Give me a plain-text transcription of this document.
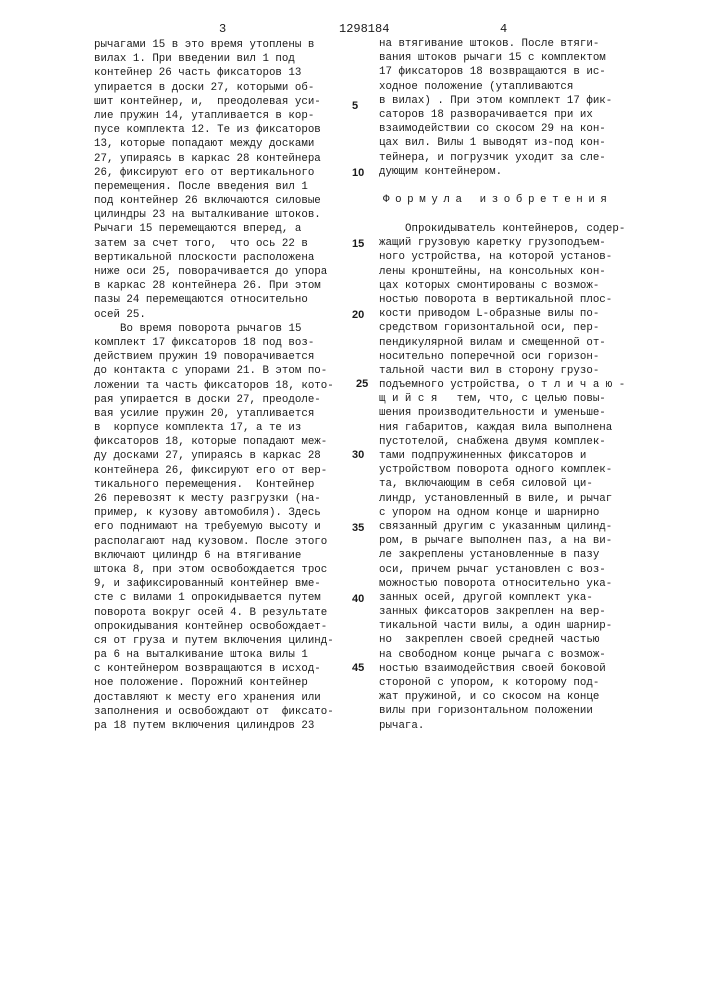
3	1298184	4
рычагами 15 в это время утоплены в
вилах 1. При введении вил 1 под
контейнер 26 часть фиксаторов 13
упирается в доски 27, которыми об-
шит контейнер, и,  преодолевая уси-
лие пружин 14, утапливается в кор-
пусе комплекта 12. Те из фиксаторов
13, которые попадают между досками
27, упираясь в каркас 28 контейнера
26, фиксируют его от вертикального
перемещения. После введения вил 1
под контейнер 26 включаются силовые
цилиндры 23 на выталкивание штоков.
Рычаги 15 перемещаются вперед, а
затем за счет того,  что ось 22 в
вертикальной плоскости расположена
ниже оси 25, поворачивается до упора
в каркас 28 контейнера 26. При этом
пазы 24 перемещаются относительно
осей 25.
Во время поворота рычагов 15
комплект 17 фиксаторов 18 под воз-
действием пружин 19 поворачивается
до контакта с упорами 21. В этом по-
ложении та часть фиксаторов 18, кото-
рая упирается в доски 27, преодоле-
вая усилие пружин 20, утапливается
в  корпусе комплекта 17, а те из
фиксаторов 18, которые попадают меж-
ду досками 27, упираясь в каркас 28
контейнера 26, фиксируют его от вер-
тикального перемещения.  Контейнер
26 перевозят к месту разгрузки (на-
пример, к кузову автомобиля). Здесь
его поднимают на требуемую высоту и
располагают над кузовом. После этого
включают цилиндр 6 на втягивание
штока 8, при этом освобождается трос
9, и зафиксированный контейнер вме-
сте с вилами 1 опрокидывается путем
поворота вокруг осей 4. В результате
опрокидывания контейнер освобождает-
ся от груза и путем включения цилинд-
ра 6 на выталкивание штока вилы 1
с контейнером возвращаются в исход-
ное положение. Порожний контейнер
доставляют к месту его хранения или
заполнения и освобождают от  фиксато-
ра 18 путем включения цилиндров 23
на втягивание штоков. После втяги-
вания штоков рычаги 15 с комплектом
17 фиксаторов 18 возвращаются в ис-
ходное положение (утапливаются
в вилах) . При этом комплект 17 фик-
саторов 18 разворачивается при их
взаимодействии со скосом 29 на кон-
цах вил. Вилы 1 выводят из-под кон-
тейнера, и погрузчик уходит за сле-
дующим контейнером.
Формула изобретения
Опрокидыватель контейнеров, содер-
жащий грузовую каретку грузоподъем-
ного устройства, на которой установ-
лены кронштейны, на консольных кон-
цах которых смонтированы с возмож-
ностью поворота в вертикальной плос-
кости приводом L-образные вилы по-
средством горизонтальной оси, пер-
пендикулярной вилам и смещенной от-
носительно поперечной оси горизон-
тальной части вил в сторону грузо-
подъемного устройства, о т л и ч а ю -
щ и й с я   тем, что, с целью повы-
шения производительности и уменьше-
ния габаритов, каждая вила выполнена
пустотелой, снабжена двумя комплек-
тами подпружиненных фиксаторов и
устройством поворота одного комплек-
та, включающим в себя силовой ци-
линдр, установленный в виле, и рычаг
с упором на одном конце и шарнирно
связанный другим с указанным цилинд-
ром, в рычаге выполнен паз, а на ви-
ле закреплены установленные в пазу
оси, причем рычаг установлен с воз-
можностью поворота относительно ука-
занных осей, другой комплект ука-
занных фиксаторов закреплен на вер-
тикальной части вилы, а один шарнир-
но  закреплен своей средней частью
на свободном конце рычага с возмож-
ностью взаимодействия своей боковой
стороной с упором, к которому под-
жат пружиной, и со скосом на конце
вилы при горизонтальном положении
рычага.
5
10
15
20
25
30
35
40
45
